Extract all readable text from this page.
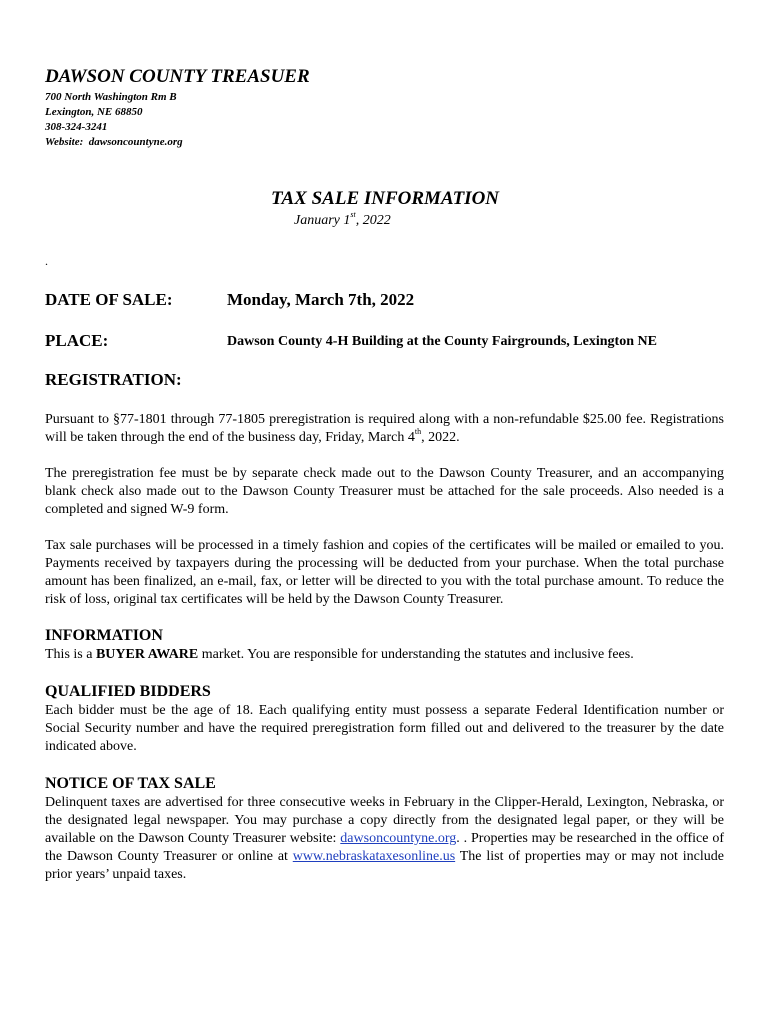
DAWSON COUNTY TREASUER
700 North Washington Rm B
Lexington, NE 68850
308-324-3241
Website: dawsoncountyne.org
TAX SALE INFORMATION
January 1st, 2022
.
DATE OF SALE:	Monday, March 7th, 2022
PLACE:	Dawson County 4-H Building at the County Fairgrounds, Lexington NE
REGISTRATION:
Pursuant to §77-1801 through 77-1805 preregistration is required along with a non-refundable $25.00 fee. Registrations will be taken through the end of the business day, Friday, March 4th, 2022.
The preregistration fee must be by separate check made out to the Dawson County Treasurer, and an accompanying blank check also made out to the Dawson County Treasurer must be attached for the sale proceeds. Also needed is a completed and signed W-9 form.
Tax sale purchases will be processed in a timely fashion and copies of the certificates will be mailed or emailed to you. Payments received by taxpayers during the processing will be deducted from your purchase. When the total purchase amount has been finalized, an e-mail, fax, or letter will be directed to you with the total purchase amount. To reduce the risk of loss, original tax certificates will be held by the Dawson County Treasurer.
INFORMATION
This is a BUYER AWARE market. You are responsible for understanding the statutes and inclusive fees.
QUALIFIED BIDDERS
Each bidder must be the age of 18. Each qualifying entity must possess a separate Federal Identification number or Social Security number and have the required preregistration form filled out and delivered to the treasurer by the date indicated above.
NOTICE OF TAX SALE
Delinquent taxes are advertised for three consecutive weeks in February in the Clipper-Herald, Lexington, Nebraska, or the designated legal newspaper. You may purchase a copy directly from the designated legal paper, or they will be available on the Dawson County Treasurer website: dawsoncountyne.org. . Properties may be researched in the office of the Dawson County Treasurer or online at www.nebraskataxesonline.us The list of properties may or may not include prior years’ unpaid taxes.
